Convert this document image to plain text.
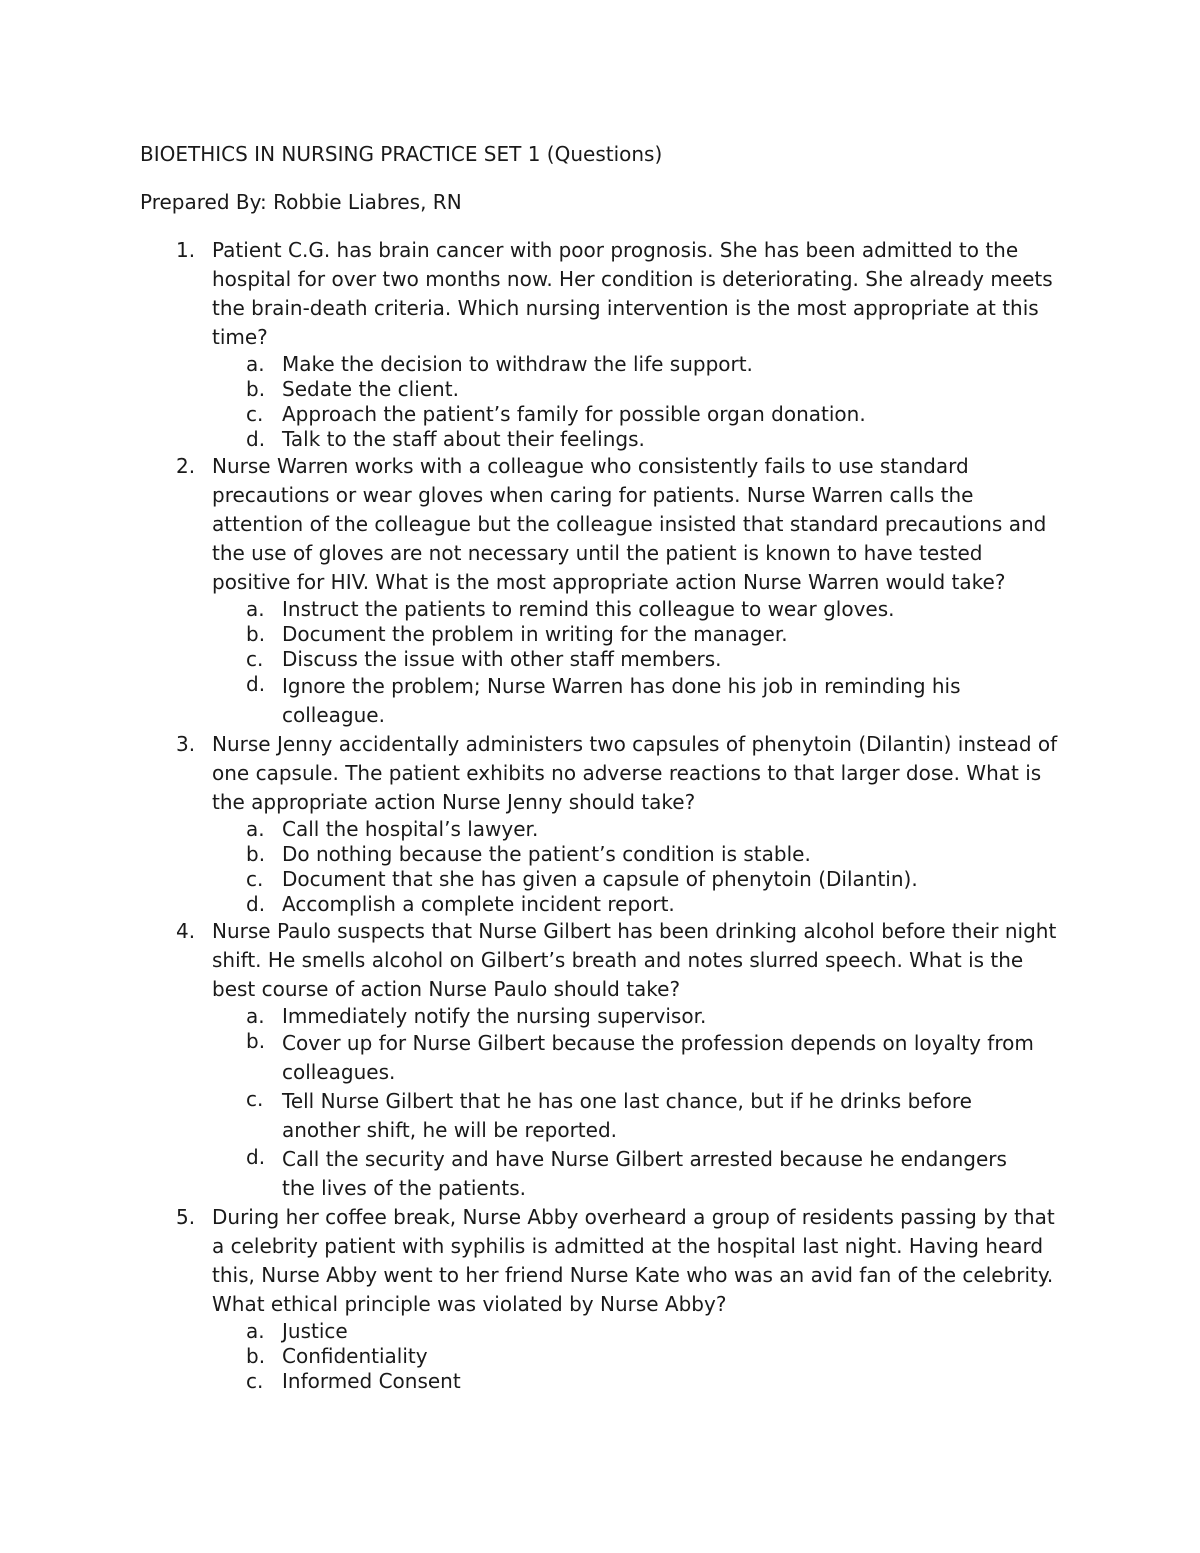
BIOETHICS IN NURSING PRACTICE SET 1 (Questions)
Prepared By: Robbie Liabres, RN
1. Patient C.G. has brain cancer with poor prognosis. She has been admitted to the hospital for over two months now. Her condition is deteriorating. She already meets the brain-death criteria. Which nursing intervention is the most appropriate at this time?
a. Make the decision to withdraw the life support.
b. Sedate the client.
c. Approach the patient’s family for possible organ donation.
d. Talk to the staff about their feelings.
2. Nurse Warren works with a colleague who consistently fails to use standard precautions or wear gloves when caring for patients. Nurse Warren calls the attention of the colleague but the colleague insisted that standard precautions and the use of gloves are not necessary until the patient is known to have tested positive for HIV. What is the most appropriate action Nurse Warren would take?
a. Instruct the patients to remind this colleague to wear gloves.
b. Document the problem in writing for the manager.
c. Discuss the issue with other staff members.
d. Ignore the problem; Nurse Warren has done his job in reminding his colleague.
3. Nurse Jenny accidentally administers two capsules of phenytoin (Dilantin) instead of one capsule. The patient exhibits no adverse reactions to that larger dose. What is the appropriate action Nurse Jenny should take?
a. Call the hospital’s lawyer.
b. Do nothing because the patient’s condition is stable.
c. Document that she has given a capsule of phenytoin (Dilantin).
d. Accomplish a complete incident report.
4. Nurse Paulo suspects that Nurse Gilbert has been drinking alcohol before their night shift. He smells alcohol on Gilbert’s breath and notes slurred speech. What is the best course of action Nurse Paulo should take?
a. Immediately notify the nursing supervisor.
b. Cover up for Nurse Gilbert because the profession depends on loyalty from colleagues.
c. Tell Nurse Gilbert that he has one last chance, but if he drinks before another shift, he will be reported.
d. Call the security and have Nurse Gilbert arrested because he endangers the lives of the patients.
5. During her coffee break, Nurse Abby overheard a group of residents passing by that a celebrity patient with syphilis is admitted at the hospital last night. Having heard this, Nurse Abby went to her friend Nurse Kate who was an avid fan of the celebrity. What ethical principle was violated by Nurse Abby?
a. Justice
b. Confidentiality
c. Informed Consent
